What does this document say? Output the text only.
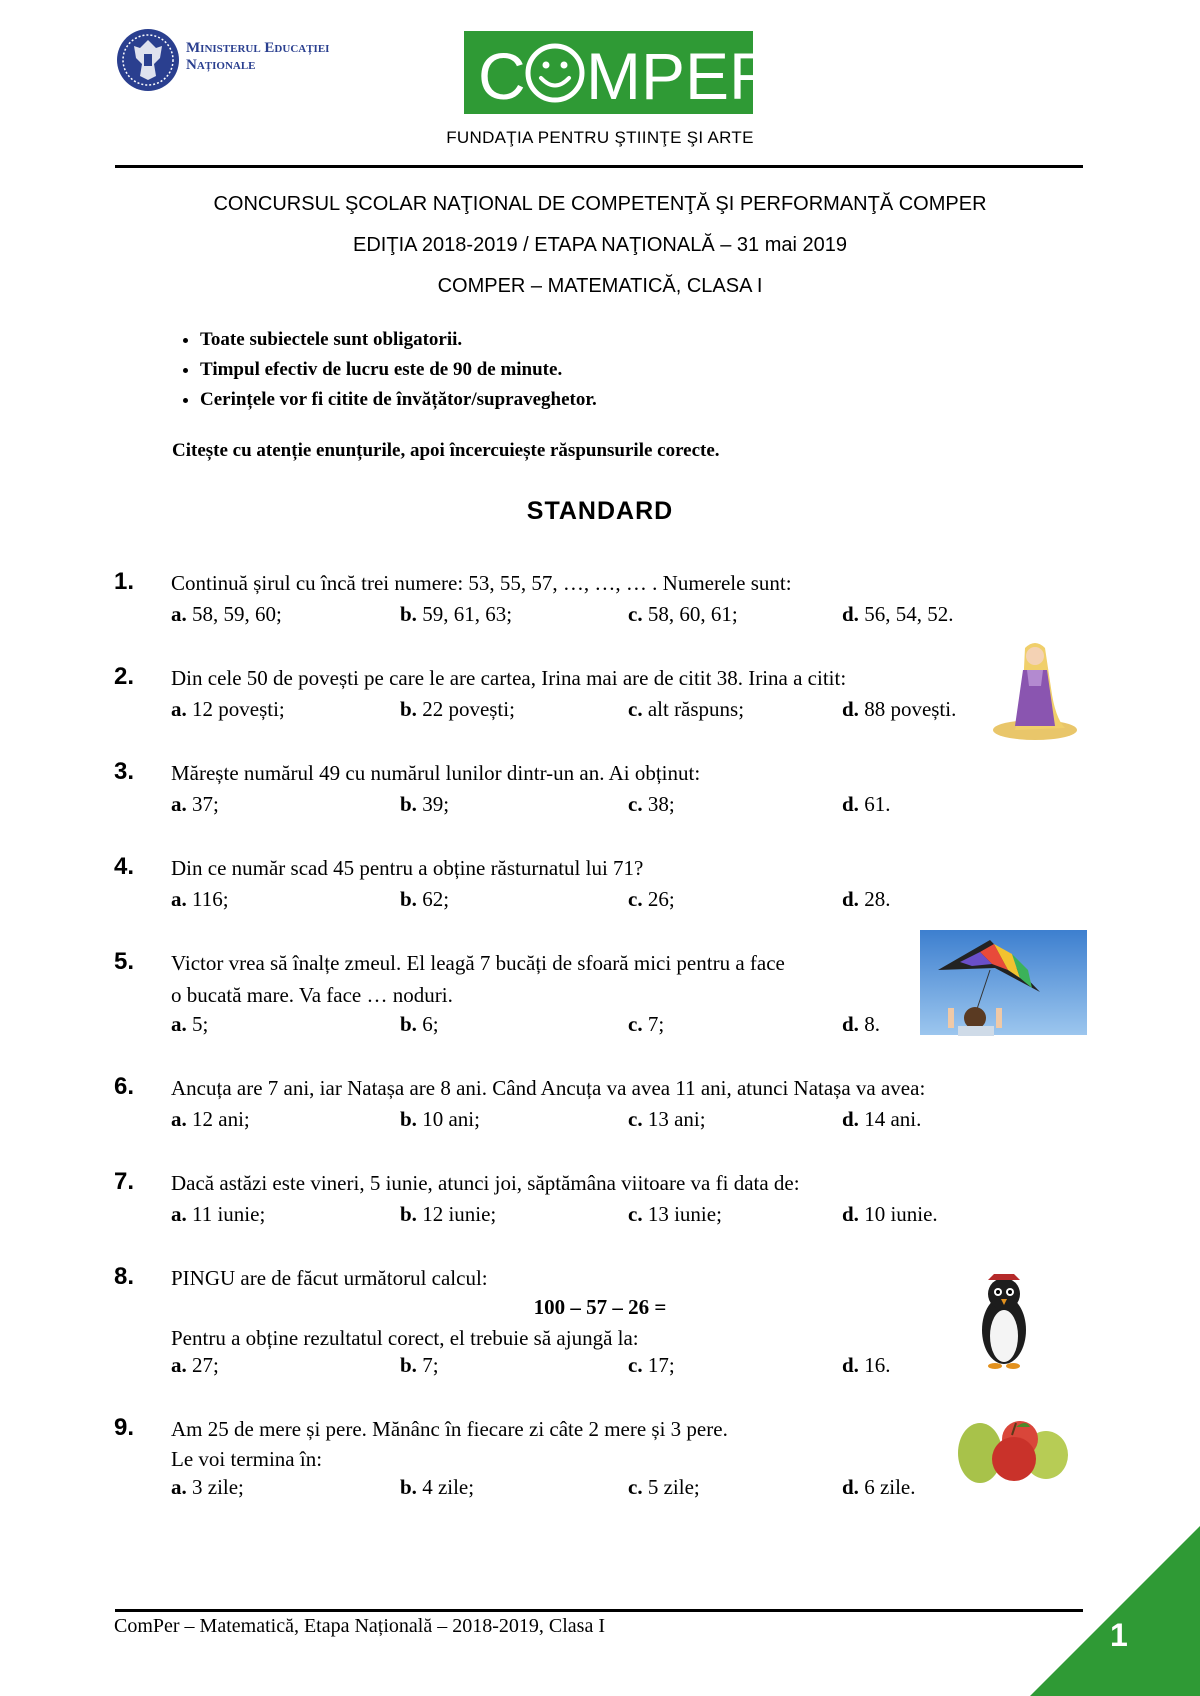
Ministerul Educației
Naționale	C MPER
FUNDAŢIA PENTRU ŞTIINŢE ŞI ARTE
CONCURSUL ŞCOLAR NAŢIONAL DE COMPETENŢĂ ŞI PERFORMANŢĂ COMPER
EDIŢIA 2018-2019 / ETAPA NAŢIONALĂ – 31 mai 2019
COMPER – MATEMATICĂ, CLASA I
• Toate subiectele sunt obligatorii.
• Timpul efectiv de lucru este de 90 de minute.
• Cerințele vor fi citite de învățător/supraveghetor.
Citește cu atenție enunțurile, apoi încercuiește răspunsurile corecte.
STANDARD
1. Continuă șirul cu încă trei numere: 53, 55, 57, …, …, … . Numerele sunt:
a. 58, 59, 60;	b. 59, 61, 63;	c. 58, 60, 61;	d. 56, 54, 52.
2. Din cele 50 de povești pe care le are cartea, Irina mai are de citit 38. Irina a citit:
a. 12 povești;	b. 22 povești;	c. alt răspuns;	d. 88 povești.
3. Mărește numărul 49 cu numărul lunilor dintr-un an. Ai obținut:
a. 37;	b. 39;	c. 38;	d. 61.
4. Din ce număr scad 45 pentru a obține răsturnatul lui 71?
a. 116;	b. 62;	c. 26;	d. 28.
5. Victor vrea să înalțe zmeul. El leagă 7 bucăți de sfoară mici pentru a face
o bucată mare. Va face … noduri.
a. 5;	b. 6;	c. 7;	d. 8.
6. Ancuța are 7 ani, iar Natașa are 8 ani. Când Ancuța va avea 11 ani, atunci Natașa va avea:
a. 12 ani;	b. 10 ani;	c. 13 ani;	d. 14 ani.
7. Dacă astăzi este vineri, 5 iunie, atunci joi, săptămâna viitoare va fi data de:
a. 11 iunie;	b. 12 iunie;	c. 13 iunie;	d. 10 iunie.
8. PINGU are de făcut următorul calcul:
100 – 57 – 26 =
Pentru a obține rezultatul corect, el trebuie să ajungă la:
a. 27;	b. 7;	c. 17;	d. 16.
9. Am 25 de mere și pere. Mănânc în fiecare zi câte 2 mere și 3 pere.
Le voi termina în:
a. 3 zile;	b. 4 zile;	c. 5 zile;	d. 6 zile.
ComPer – Matematică, Etapa Națională – 2018-2019, Clasa I	1
